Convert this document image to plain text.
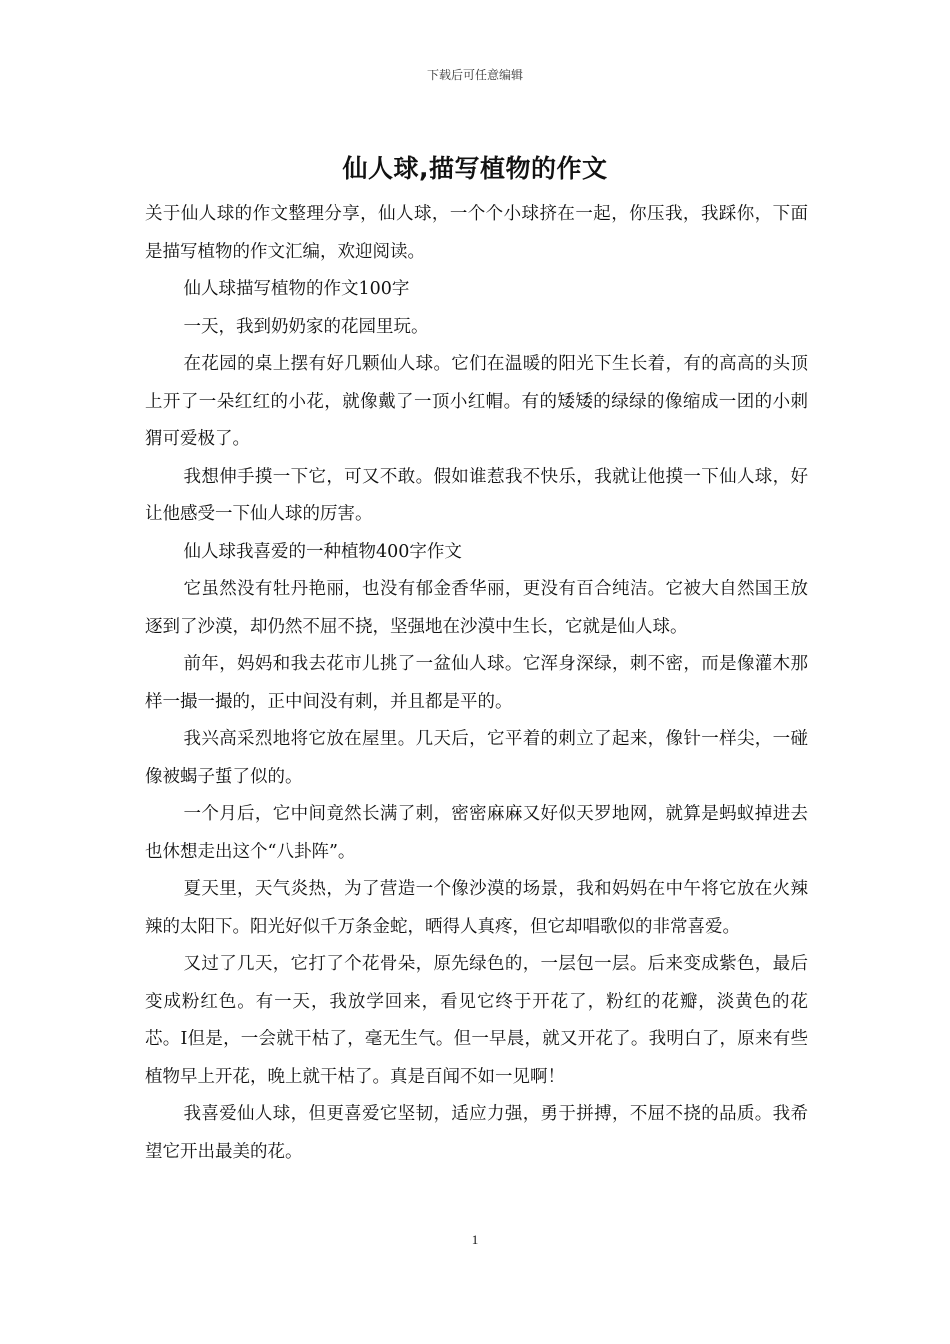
下载后可任意编辑
仙人球,描写植物的作文

关于仙人球的作文整理分享，仙人球，一个个小球挤在一起，你压我，我踩你，下面是描写植物的作文汇编，欢迎阅读。

仙人球描写植物的作文100字

一天，我到奶奶家的花园里玩。

在花园的桌上摆有好几颗仙人球。它们在温暖的阳光下生长着，有的高高的头顶上开了一朵红红的小花，就像戴了一顶小红帽。有的矮矮的绿绿的像缩成一团的小刺猬可爱极了。

我想伸手摸一下它，可又不敢。假如谁惹我不快乐，我就让他摸一下仙人球，好让他感受一下仙人球的厉害。

仙人球我喜爱的一种植物400字作文

它虽然没有牡丹艳丽，也没有郁金香华丽，更没有百合纯洁。它被大自然国王放逐到了沙漠，却仍然不屈不挠，坚强地在沙漠中生长，它就是仙人球。

前年，妈妈和我去花市儿挑了一盆仙人球。它浑身深绿，刺不密，而是像灌木那样一撮一撮的，正中间没有刺，并且都是平的。

我兴高采烈地将它放在屋里。几天后，它平着的刺立了起来，像针一样尖，一碰像被蝎子蜇了似的。

一个月后，它中间竟然长满了刺，密密麻麻又好似天罗地网，就算是蚂蚁掉进去也休想走出这个“八卦阵”。

夏天里，天气炎热，为了营造一个像沙漠的场景，我和妈妈在中午将它放在火辣辣的太阳下。阳光好似千万条金蛇，晒得人真疼，但它却唱歌似的非常喜爱。

又过了几天，它打了个花骨朵，原先绿色的，一层包一层。后来变成紫色，最后变成粉红色。有一天，我放学回来，看见它终于开花了，粉红的花瓣，淡黄色的花芯。I但是，一会就干枯了，毫无生气。但一早晨，就又开花了。我明白了，原来有些植物早上开花，晚上就干枯了。真是百闻不如一见啊！

我喜爱仙人球，但更喜爱它坚韧，适应力强，勇于拼搏，不屈不挠的品质。我希望它开出最美的花。

1
